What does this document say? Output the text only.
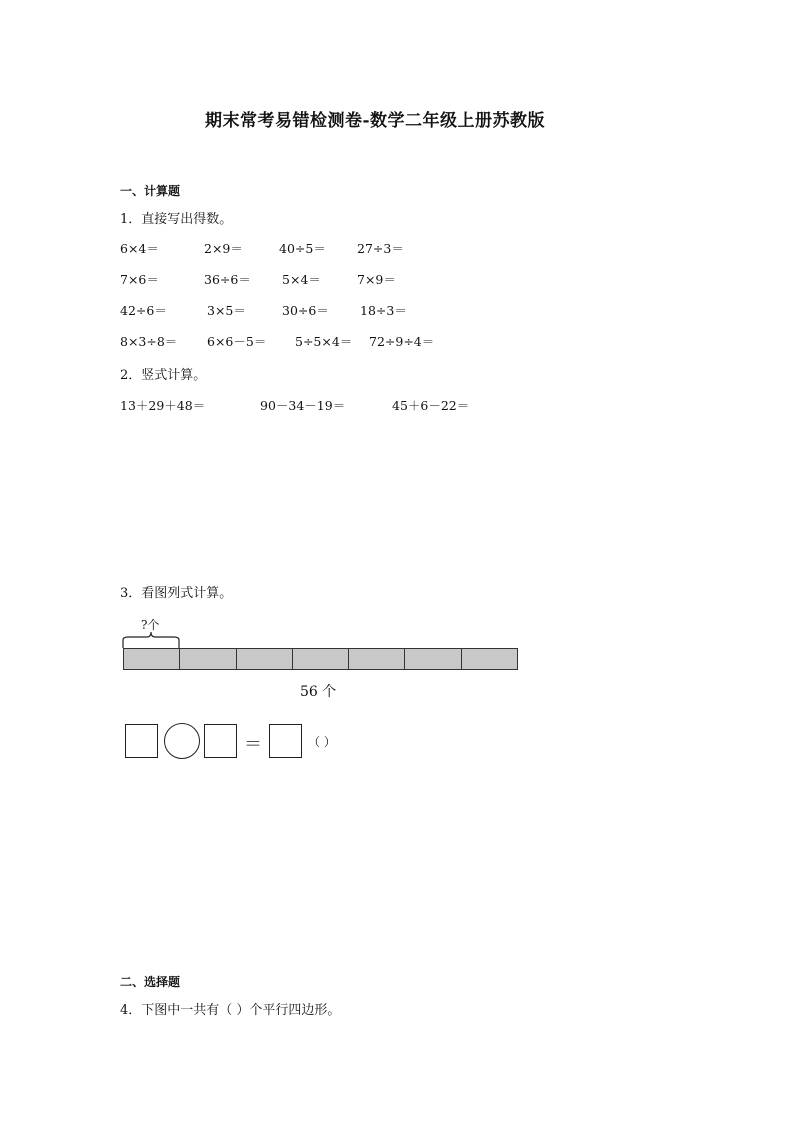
期末常考易错检测卷-数学二年级上册苏教版
一、计算题
1．直接写出得数。
6×4＝	2×9＝	40÷5＝ 27÷3＝
7×6＝	36÷6＝ 5×4＝	7×9＝
42÷6＝	3×5＝	30÷6＝ 18÷3＝
8×3÷8＝ 6×6－5＝ 5÷5×4＝ 72÷9÷4＝
2．竖式计算。
13＋29＋48＝	90－34－19＝	45＋6－22＝
3．看图列式计算。
?个
56 个
＝	（ ）
二、选择题
4．下图中一共有（ ）个平行四边形。
